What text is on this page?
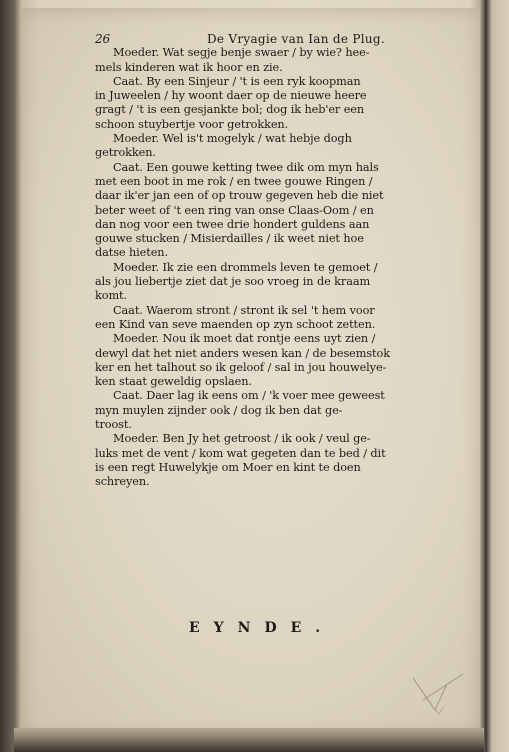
26	De Vryagie van Ian de Plug.
Moeder. Wat segje benje swaer / by wie? hee-
mels kinderen wat ik hoor en zie.
Caat. By een Sinjeur / 't is een ryk koopman
in Juweelen / hy woont daer op de nieuwe heere
gragt / 't is een gesjankte bol; dog ik heb'er een
schoon stuybertje voor getrokken.
Moeder. Wel is't mogelyk / wat hebje dogh
getrokken.
Caat. Een gouwe ketting twee dik om myn hals
met een boot in me rok / en twee gouwe Ringen /
daar ik'er jan een of op trouw gegeven heb die niet
beter weet of 't een ring van onse Claas-Oom / en
dan nog voor een twee drie hondert guldens aan
gouwe stucken / Misierdailles / ik weet niet hoe
datse hieten.
Moeder. Ik zie een drommels leven te gemoet /
als jou liebertje ziet dat je soo vroeg in de kraam
komt.
Caat. Waerom stront / stront ik sel 't hem voor
een Kind van seve maenden op zyn schoot zetten.
Moeder. Nou ik moet dat rontje eens uyt zien /
dewyl dat het niet anders wesen kan / de besemstok
ker en het talhout so ik geloof / sal in jou houwelye-
ken staat geweldig opslaen.
Caat. Daer lag ik eens om / 'k voer mee geweest
myn muylen zijnder ook / dog ik ben dat ge-
troost.
Moeder. Ben Jy het getroost / ik ook / veul ge-
luks met de vent / kom wat gegeten dan te bed / dit
is een regt Huwelykje om Moer en kint te doen
schreyen.
EYNDE.
